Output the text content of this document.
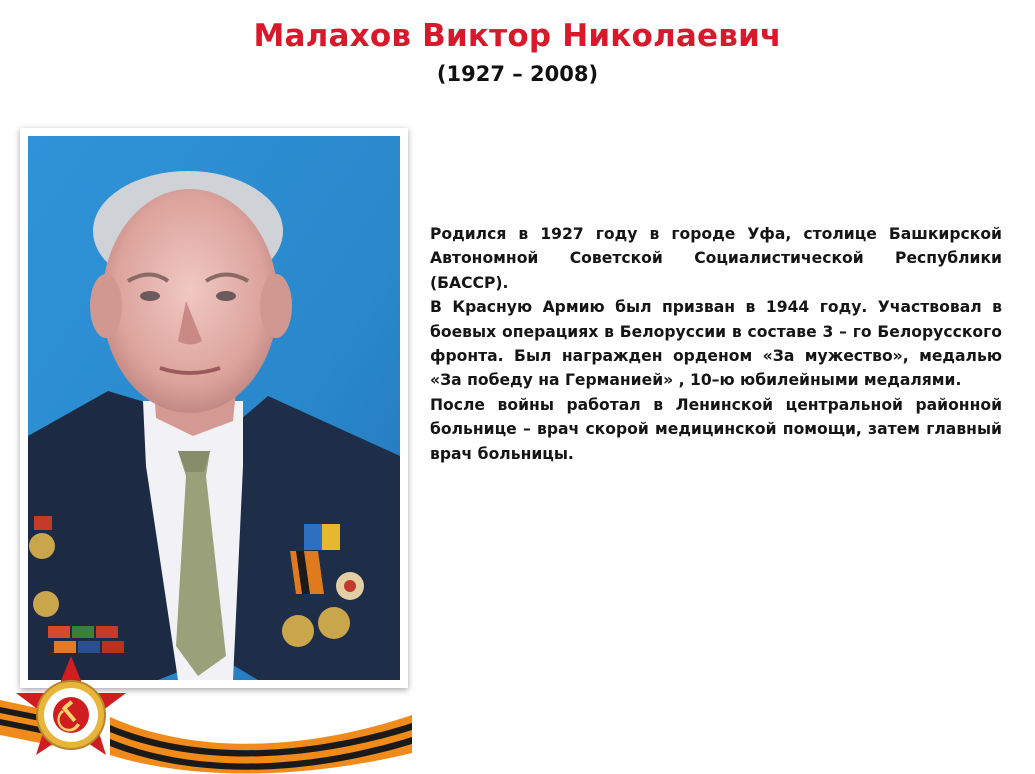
Малахов Виктор Николаевич
(1927 – 2008)

Родился в 1927 году в городе Уфа, столице Башкирской Автономной Советской Социалистической Республики (БАССР).

В Красную Армию был призван в 1944 году. Участвовал в боевых операциях в Белоруссии в составе 3 – го Белорусского фронта. Был награжден орденом «За мужество», медалью «За победу на Германией» , 10–ю юбилейными медалями.

После войны работал в Ленинской центральной районной больнице – врач скорой медицинской помощи, затем главный врач больницы.
